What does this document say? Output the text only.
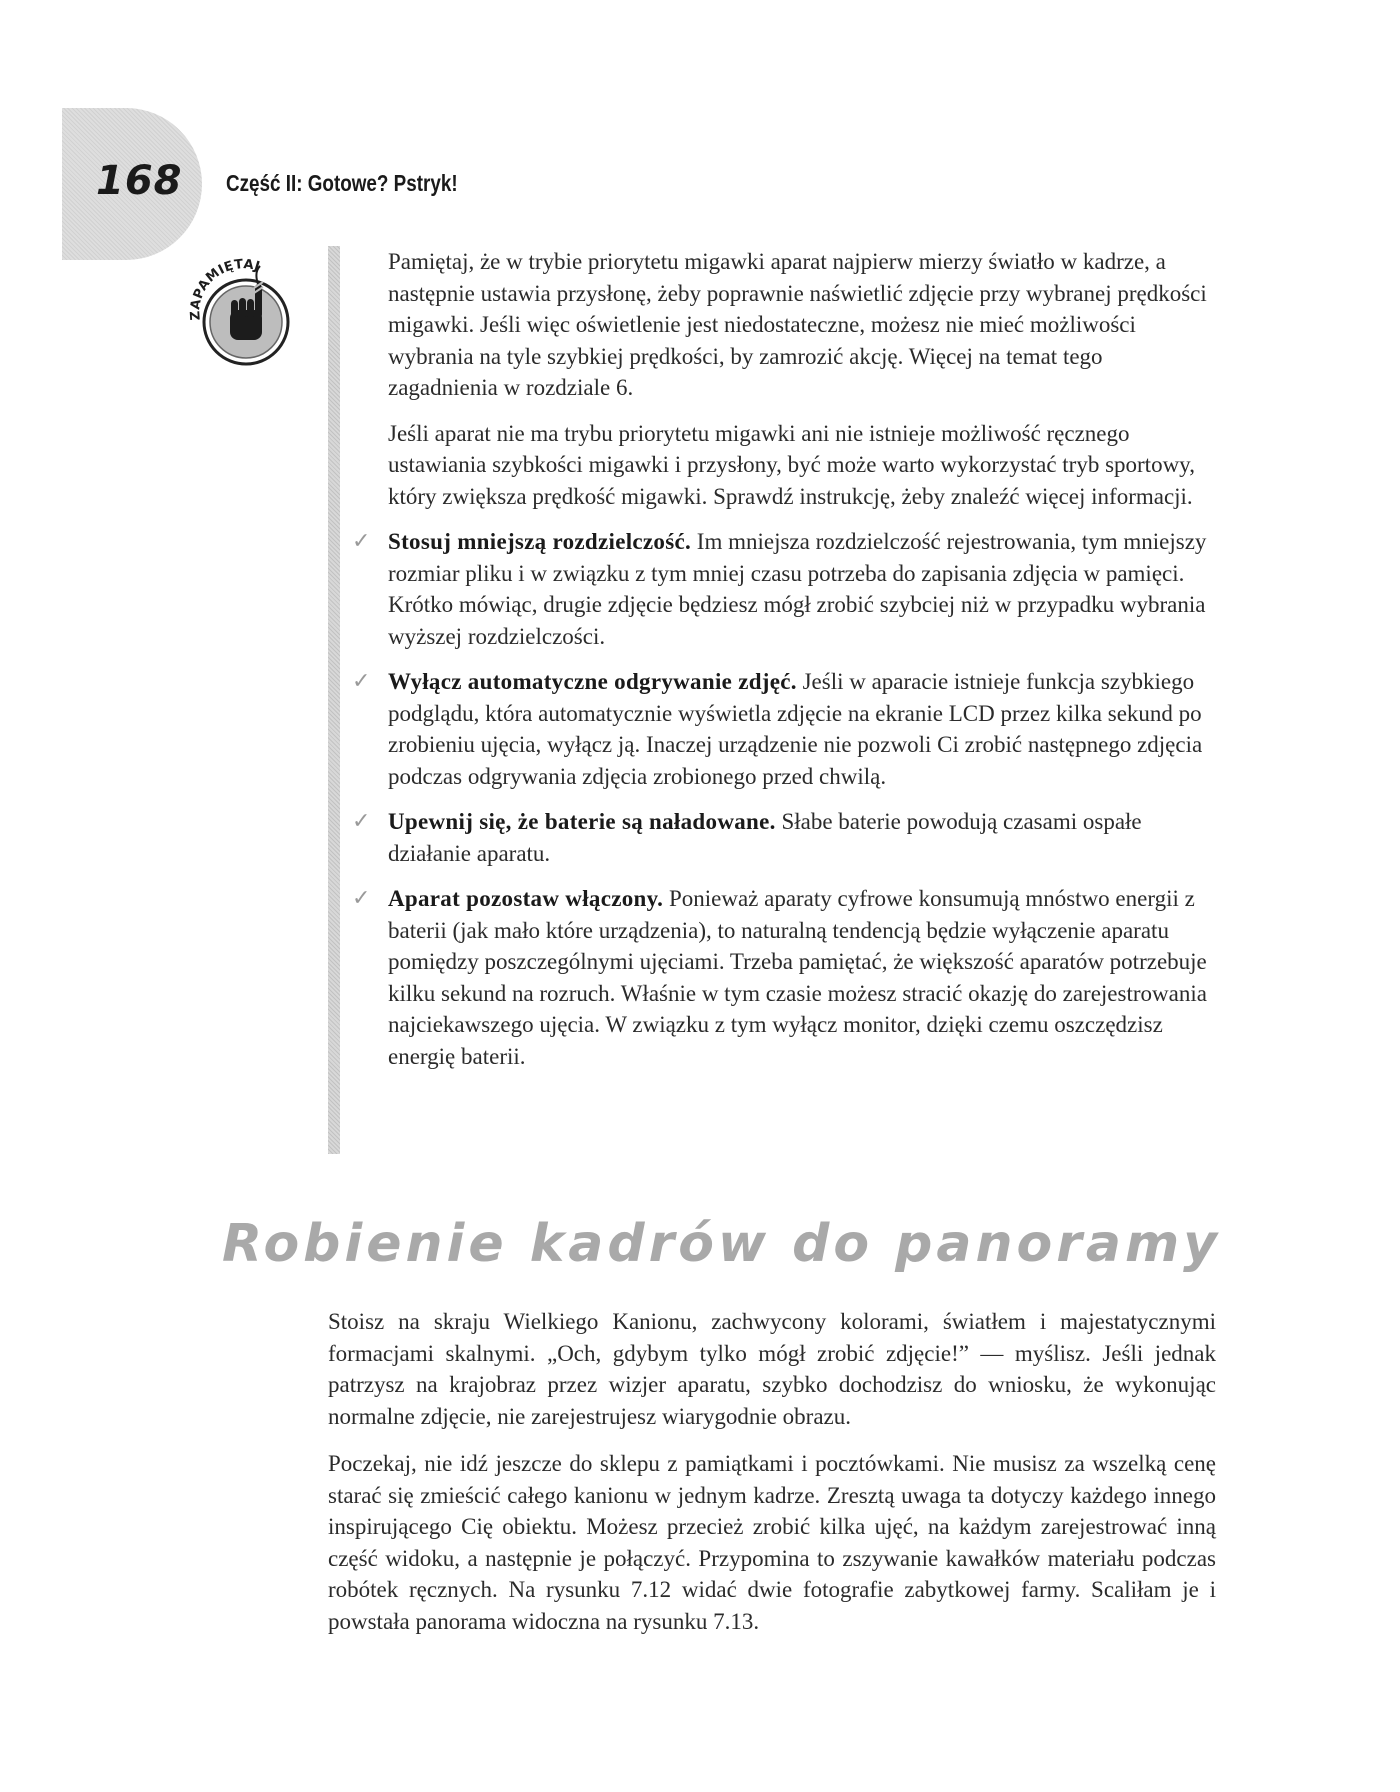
168 Część II: Gotowe? Pstryk!
ZAPAMIĘTAJ	Pamiętaj, że w trybie priorytetu migawki aparat najpierw mierzy światło w kadrze, a następnie ustawia przysłonę, żeby poprawnie naświetlić zdjęcie przy wybranej prędkości migawki. Jeśli więc oświetlenie jest niedostateczne, możesz nie mieć możliwości wybrania na tyle szybkiej prędkości, by zamrozić akcję. Więcej na temat tego zagadnienia w rozdziale 6.

Jeśli aparat nie ma trybu priorytetu migawki ani nie istnieje możliwość ręcznego ustawiania szybkości migawki i przysłony, być może warto wykorzystać tryb sportowy, który zwiększa prędkość migawki. Sprawdź instrukcję, żeby znaleźć więcej informacji.

✓ Stosuj mniejszą rozdzielczość. Im mniejsza rozdzielczość rejestrowania, tym mniejszy rozmiar pliku i w związku z tym mniej czasu potrzeba do zapisania zdjęcia w pamięci. Krótko mówiąc, drugie zdjęcie będziesz mógł zrobić szybciej niż w przypadku wybrania wyższej rozdzielczości.
✓ Wyłącz automatyczne odgrywanie zdjęć. Jeśli w aparacie istnieje funkcja szybkiego podglądu, która automatycznie wyświetla zdjęcie na ekranie LCD przez kilka sekund po zrobieniu ujęcia, wyłącz ją. Inaczej urządzenie nie pozwoli Ci zrobić następnego zdjęcia podczas odgrywania zdjęcia zrobionego przed chwilą.
✓ Upewnij się, że baterie są naładowane. Słabe baterie powodują czasami ospałe działanie aparatu.
✓ Aparat pozostaw włączony. Ponieważ aparaty cyfrowe konsumują mnóstwo energii z baterii (jak mało które urządzenia), to naturalną tendencją będzie wyłączenie aparatu pomiędzy poszczególnymi ujęciami. Trzeba pamiętać, że większość aparatów potrzebuje kilku sekund na rozruch. Właśnie w tym czasie możesz stracić okazję do zarejestrowania najciekawszego ujęcia. W związku z tym wyłącz monitor, dzięki czemu oszczędzisz energię baterii.
Robienie kadrów do panoramy

Stoisz na skraju Wielkiego Kanionu, zachwycony kolorami, światłem i majestatycznymi formacjami skalnymi. „Och, gdybym tylko mógł zrobić zdjęcie!” — myślisz. Jeśli jednak patrzysz na krajobraz przez wizjer aparatu, szybko dochodzisz do wniosku, że wykonując normalne zdjęcie, nie zarejestrujesz wiarygodnie obrazu.

Poczekaj, nie idź jeszcze do sklepu z pamiątkami i pocztówkami. Nie musisz za wszelką cenę starać się zmieścić całego kanionu w jednym kadrze. Zresztą uwaga ta dotyczy każdego innego inspirującego Cię obiektu. Możesz przecież zrobić kilka ujęć, na każdym zarejestrować inną część widoku, a następnie je połączyć. Przypomina to zszywanie kawałków materiału podczas robótek ręcznych. Na rysunku 7.12 widać dwie fotografie zabytkowej farmy. Scaliłam je i powstała panorama widoczna na rysunku 7.13.
